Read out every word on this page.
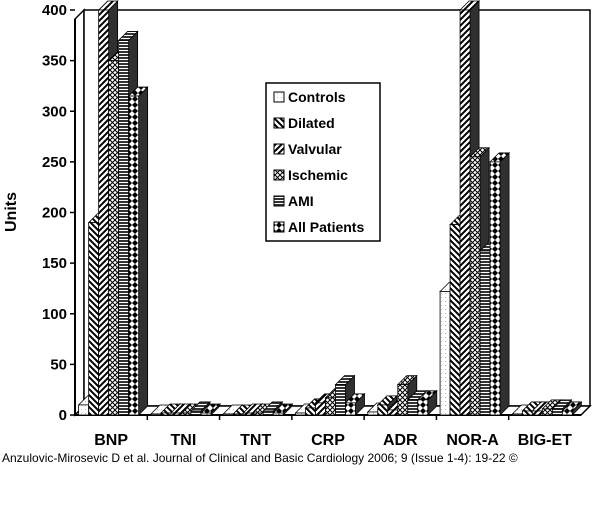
0
50
100
150
200
250
300
350
400
BNP	TNI	TNT CRP ADR NOR-A BIG-ET
Units
Controls
Dilated
Valvular
Ischemic
AMI
All Patients
Anzulovic-Mirosevic D et al. Journal of Clinical and Basic Cardiology 2006; 9 (Issue 1-4): 19-22 ©
